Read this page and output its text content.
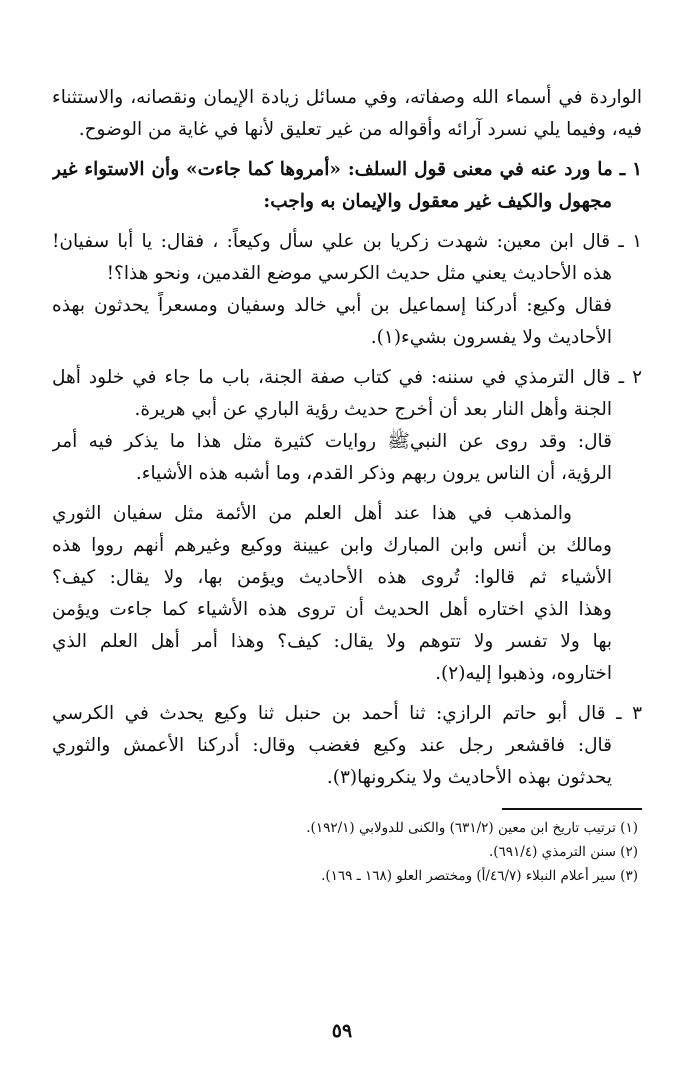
الواردة في أسماء الله وصفاته، وفي مسائل زيادة الإيمان ونقصانه، والاستثناء
فيه، وفيما يلي نسرد آرائه وأقواله من غير تعليق لأنها في غاية من الوضوح.
١ ـ ما ورد عنه في معنى قول السلف: «أمروها كما جاءت» وأن الاستواء غير
مجهول والكيف غير معقول والإيمان به واجب:
١ ـ قال ابن معين: شهدت زكريا بن علي سأل وكيعاً: ، فقال: يا أبا سفيان!
هذه الأحاديث يعني مثل حديث الكرسي موضع القدمين، ونحو هذا؟!
فقال وكيع: أدركنا إسماعيل بن أبي خالد وسفيان ومسعراً يحدثون بهذه
الأحاديث ولا يفسرون بشيء(١).
٢ ـ قال الترمذي في سننه: في كتاب صفة الجنة، باب ما جاء في خلود أهل
الجنة وأهل النار بعد أن أخرج حديث رؤية الباري عن أبي هريرة.
قال: وقد روى عن النبيﷺ روايات كثيرة مثل هذا ما يذكر فيه أمر
الرؤية، أن الناس يرون ربهم وذكر القدم، وما أشبه هذه الأشياء.
والمذهب في هذا عند أهل العلم من الأئمة مثل سفيان الثوري
ومالك بن أنس وابن المبارك وابن عيينة ووكيع وغيرهم أنهم رووا هذه
الأشياء ثم قالوا: تُروى هذه الأحاديث ويؤمن بها، ولا يقال: كيف؟
وهذا الذي اختاره أهل الحديث أن تروى هذه الأشياء كما جاءت ويؤمن
بها ولا تفسر ولا تتوهم ولا يقال: كيف؟ وهذا أمر أهل العلم الذي
اختاروه، وذهبوا إليه(٢).
٣ ـ قال أبو حاتم الرازي: ثنا أحمد بن حنبل ثنا وكيع يحدث في الكرسي
قال: فاقشعر رجل عند وكيع فغضب وقال: أدركنا الأعمش والثوري
يحدثون بهذه الأحاديث ولا ينكرونها(٣).
(١) ترتيب تاريخ ابن معين (٦٣١/٢) والكنى للدولابي (١٩٢/١).
(٢) سنن الترمذي (٦٩١/٤).
(٣) سير أعلام النبلاء (٤٦/٧/أ) ومختصر العلو (١٦٨ ـ ١٦٩).
٥٩
